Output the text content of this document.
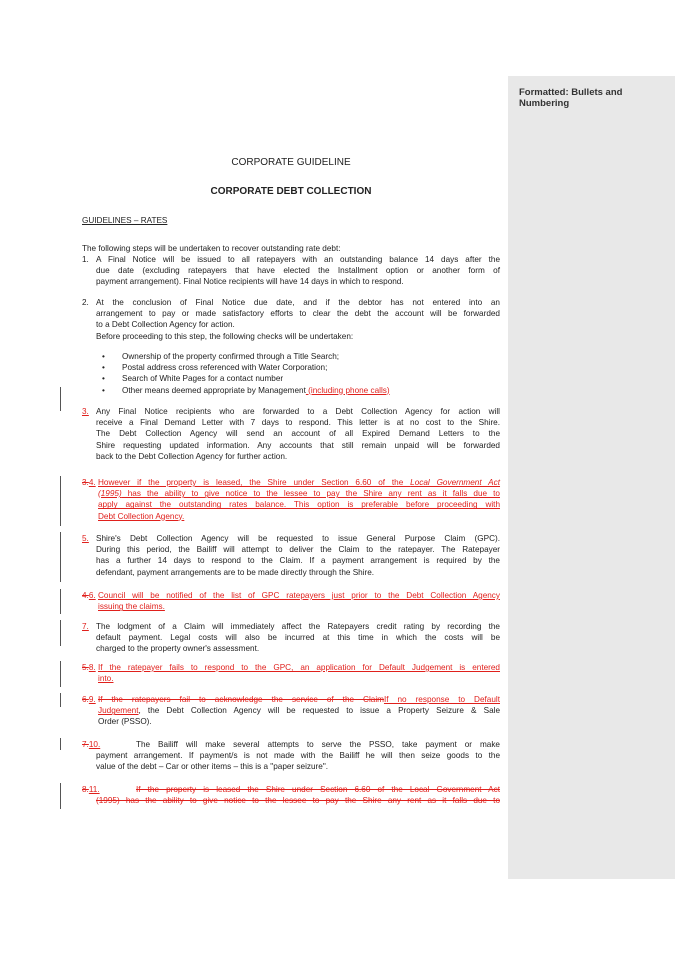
Formatted: Bullets and Numbering
CORPORATE GUIDELINE
CORPORATE DEBT COLLECTION
GUIDELINES – RATES
The following steps will be undertaken to recover outstanding rate debt:
1. A Final Notice will be issued to all ratepayers with an outstanding balance 14 days after the
due date (excluding ratepayers that have elected the Installment option or another form of
payment arrangement). Final Notice recipients will have 14 days in which to respond.
2. At the conclusion of Final Notice due date, and if the debtor has not entered into an
arrangement to pay or made satisfactory efforts to clear the debt the account will be forwarded
to a Debt Collection Agency for action.
Before proceeding to this step, the following checks will be undertaken:
• Ownership of the property confirmed through a Title Search;
• Postal address cross referenced with Water Corporation;
• Search of White Pages for a contact number
• Other means deemed appropriate by Management (including phone calls)
3. Any Final Notice recipients who are forwarded to a Debt Collection Agency for action will
receive a Final Demand Letter with 7 days to respond. This letter is at no cost to the Shire.
The Debt Collection Agency will send an account of all Expired Demand Letters to the
Shire requesting updated information. Any accounts that still remain unpaid will be forwarded
back to the Debt Collection Agency for further action.
3.4. However if the property is leased, the Shire under Section 6.60 of the Local Government Act
(1995) has the ability to give notice to the lessee to pay the Shire any rent as it falls due to
apply against the outstanding rates balance. This option is preferable before proceeding with
Debt Collection Agency.
5. Shire's Debt Collection Agency will be requested to issue General Purpose Claim (GPC).
During this period, the Bailiff will attempt to deliver the Claim to the ratepayer. The Ratepayer
has a further 14 days to respond to the Claim. If a payment arrangement is required by the
defendant, payment arrangements are to be made directly through the Shire.
4.6. Council will be notified of the list of GPC ratepayers just prior to the Debt Collection Agency
issuing the claims.
7. The lodgment of a Claim will immediately affect the Ratepayers credit rating by recording the
default payment. Legal costs will also be incurred at this time in which the costs will be
charged to the property owner's assessment.
5.8. If the ratepayer fails to respond to the GPC, an application for Default Judgement is entered
into.
6.9. If the ratepayers fail to acknowledge the service of the ClaimIf no response to Default
Judgement, the Debt Collection Agency will be requested to issue a Property Seizure & Sale
Order (PSSO).
7.10.	The Bailiff will make several attempts to serve the PSSO, take payment or make
payment arrangement. If payment/s is not made with the Bailiff he will then seize goods to the
value of the debt – Car or other items – this is a "paper seizure".
8.11.	If the property is leased the Shire under Section 6.60 of the Local Government Act
(1995) has the ability to give notice to the lessee to pay the Shire any rent as it falls due to
